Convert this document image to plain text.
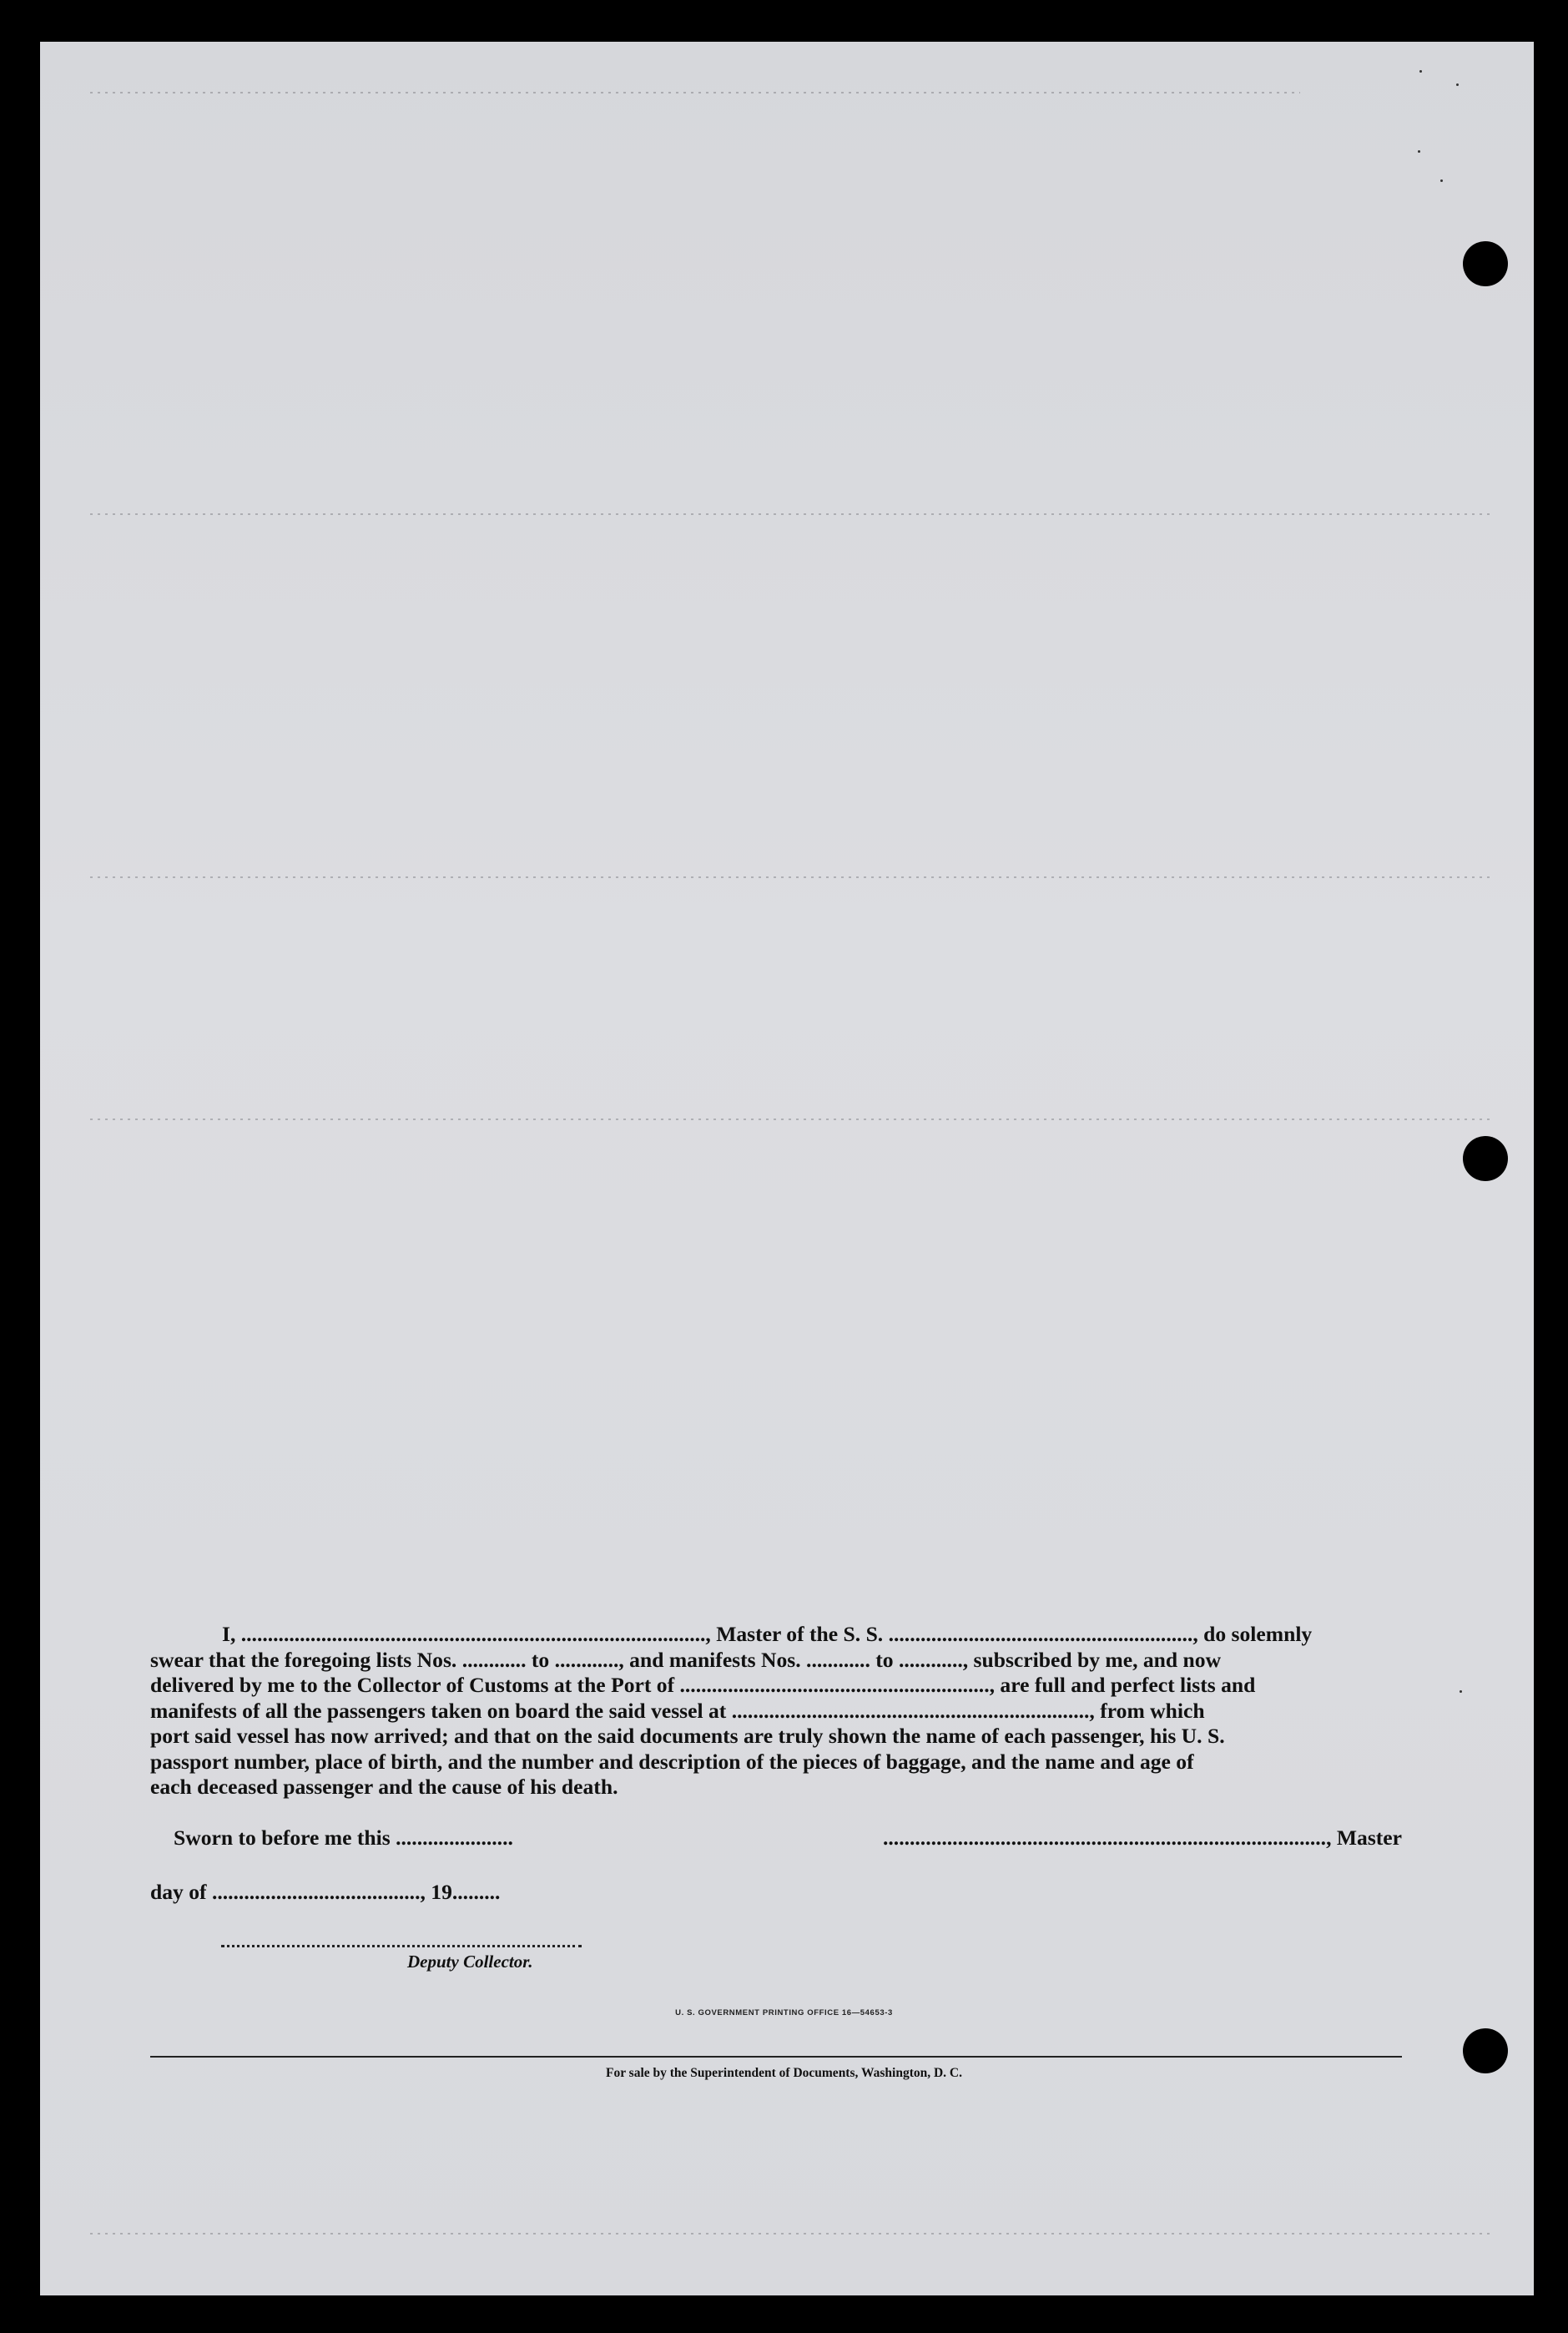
I, ......................................................................................., Master of the S. S. ........................................................., do solemnly

swear that the foregoing lists Nos. ............ to ............, and manifests Nos. ............ to ............, subscribed by me, and now

delivered by me to the Collector of Customs at the Port of .........................................................., are full and perfect lists and

manifests of all the passengers taken on board the said vessel at ..................................................................., from which

port said vessel has now arrived; and that on the said documents are truly shown the name of each passenger, his U. S.

passport number, place of birth, and the number and description of the pieces of baggage, and the name and age of

each deceased passenger and the cause of his death.

Sworn to before me this ......................	..................................................................................., Master
day of ......................................., 19.........
Deputy Collector.
U. S. GOVERNMENT PRINTING OFFICE 16—54653-3
For sale by the Superintendent of Documents, Washington, D. C.
